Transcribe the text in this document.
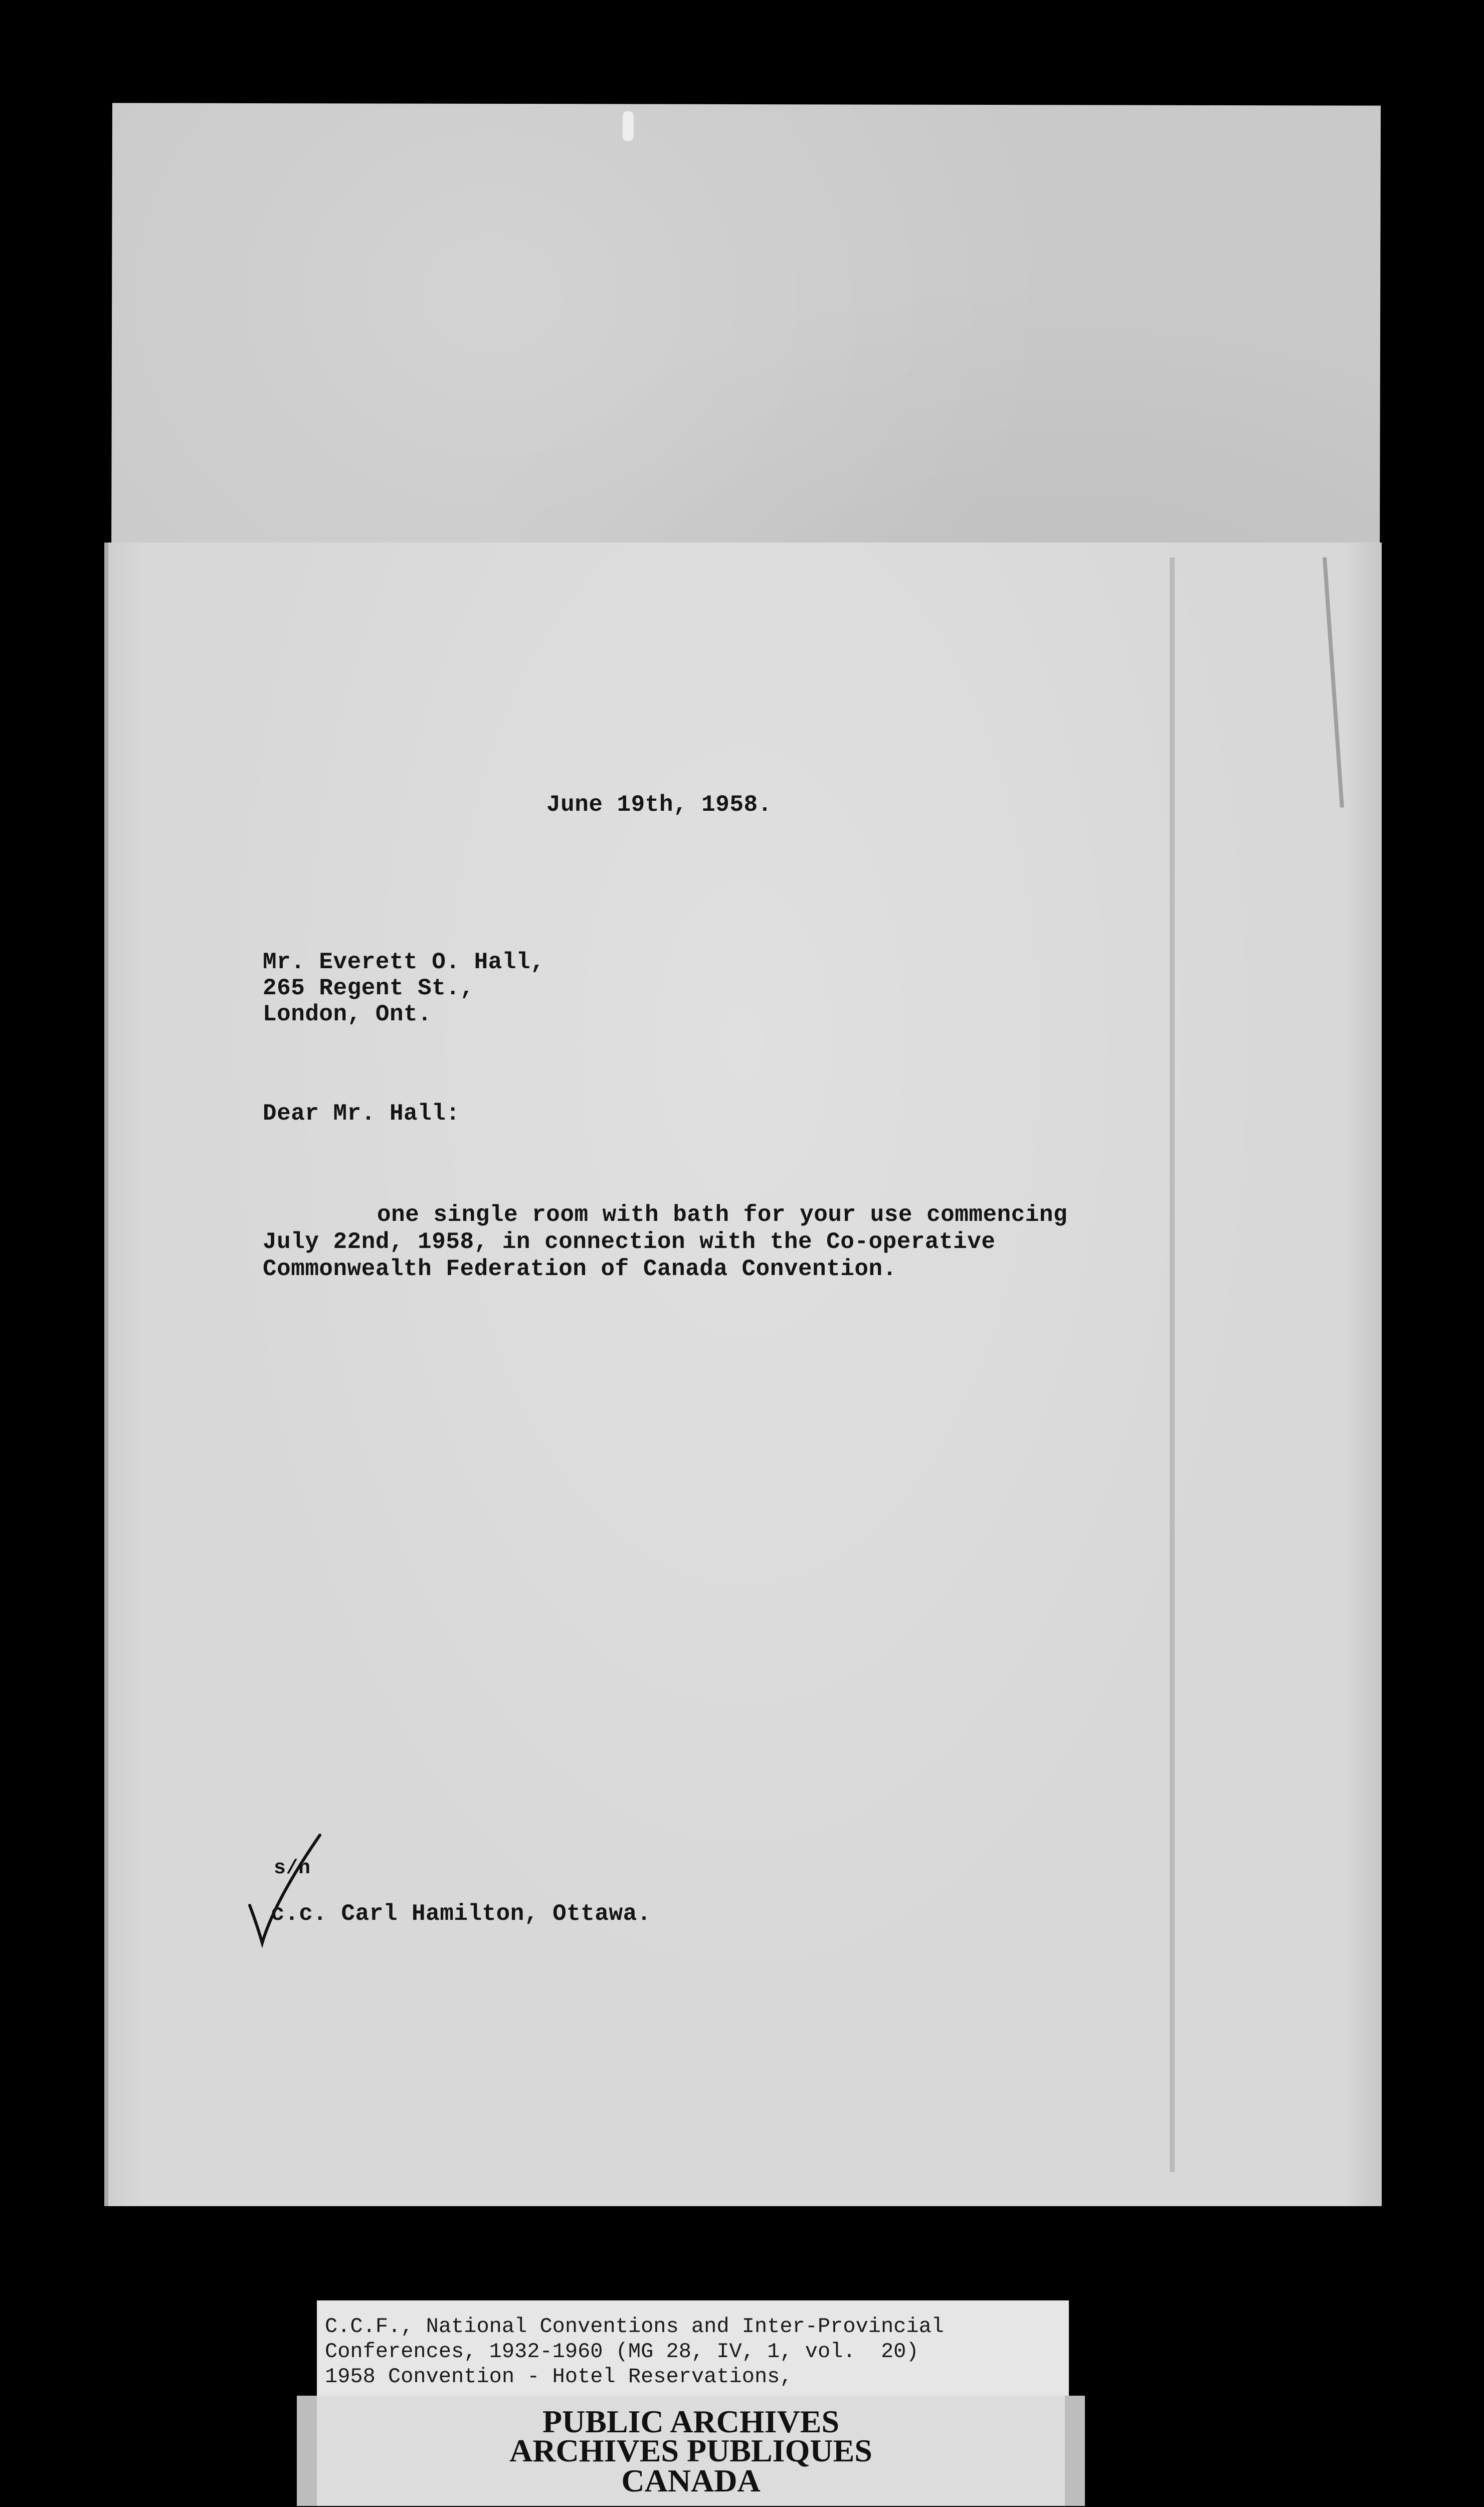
June 19th, 1958.
Mr. Everett O. Hall,
265 Regent St.,
London, Ont.
Dear Mr. Hall:
one single room with bath for your use commencing
July 22nd, 1958, in connection with the Co-operative
Commonwealth Federation of Canada Convention.
s/n
c.c. Carl Hamilton, Ottawa.
C.C.F., National Conventions and Inter-Provincial
Conferences, 1932-1960 (MG 28, IV, 1, vol.  20)
1958 Convention - Hotel Reservations,
PUBLIC ARCHIVES
ARCHIVES PUBLIQUES
CANADA
